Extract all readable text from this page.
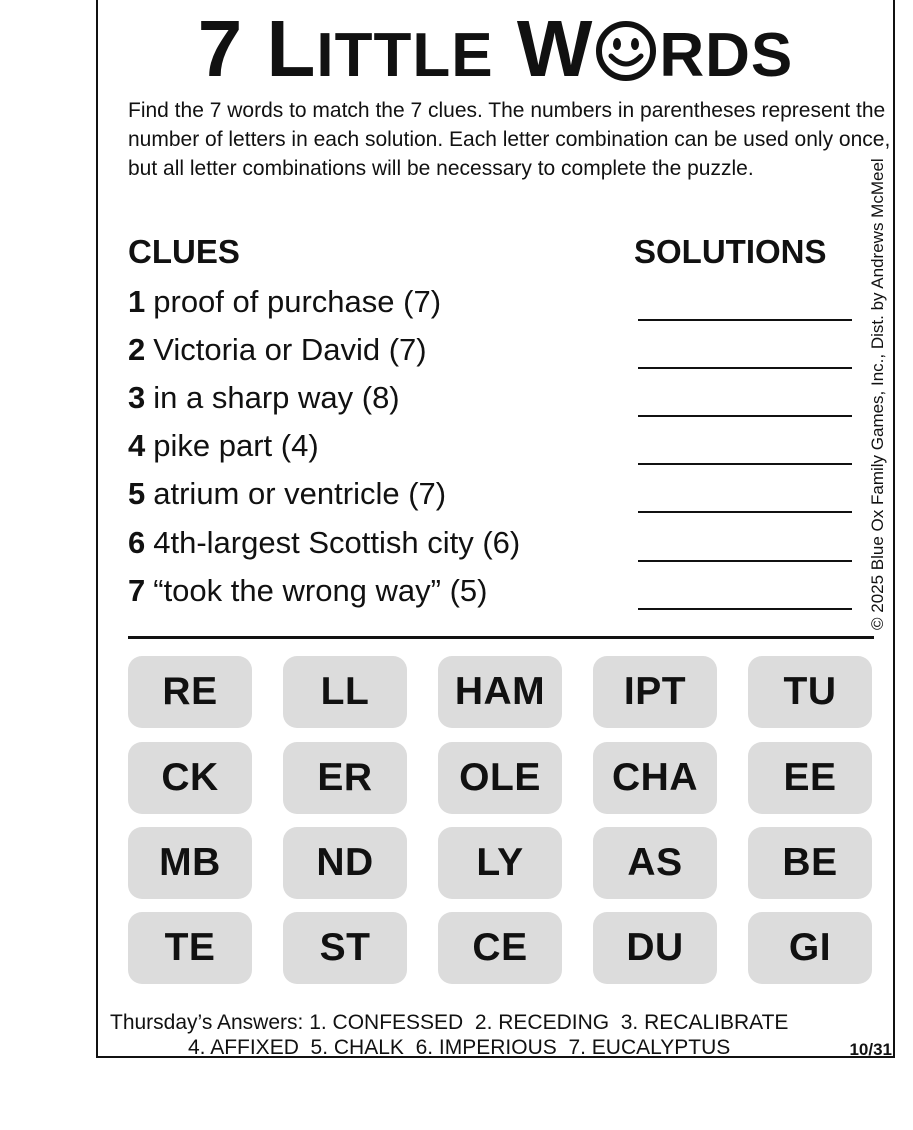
7 LITTLE W RDS
Find the 7 words to match the 7 clues. The numbers in parentheses represent the number of letters in each solution. Each letter combination can be used only once, but all letter combinations will be necessary to complete the puzzle.
CLUES	SOLUTIONS
1 proof of purchase (7)
2 Victoria or David (7)
3 in a sharp way (8)
4 pike part (4)
5 atrium or ventricle (7)
6 4th-largest Scottish city (6)
7 “took the wrong way” (5)	© 2025 Blue Ox Family Games, Inc., Dist. by Andrews McMeel
RE	LL	HAM	IPT	TU
CK	ER	OLE	CHA	EE
MB	ND	LY	AS	BE
TE	ST	CE	DU	GI
Thursday’s Answers: 1. CONFESSED  2. RECEDING  3. RECALIBRATE
4. AFFIXED  5. CHALK  6. IMPERIOUS  7. EUCALYPTUS	10/31
